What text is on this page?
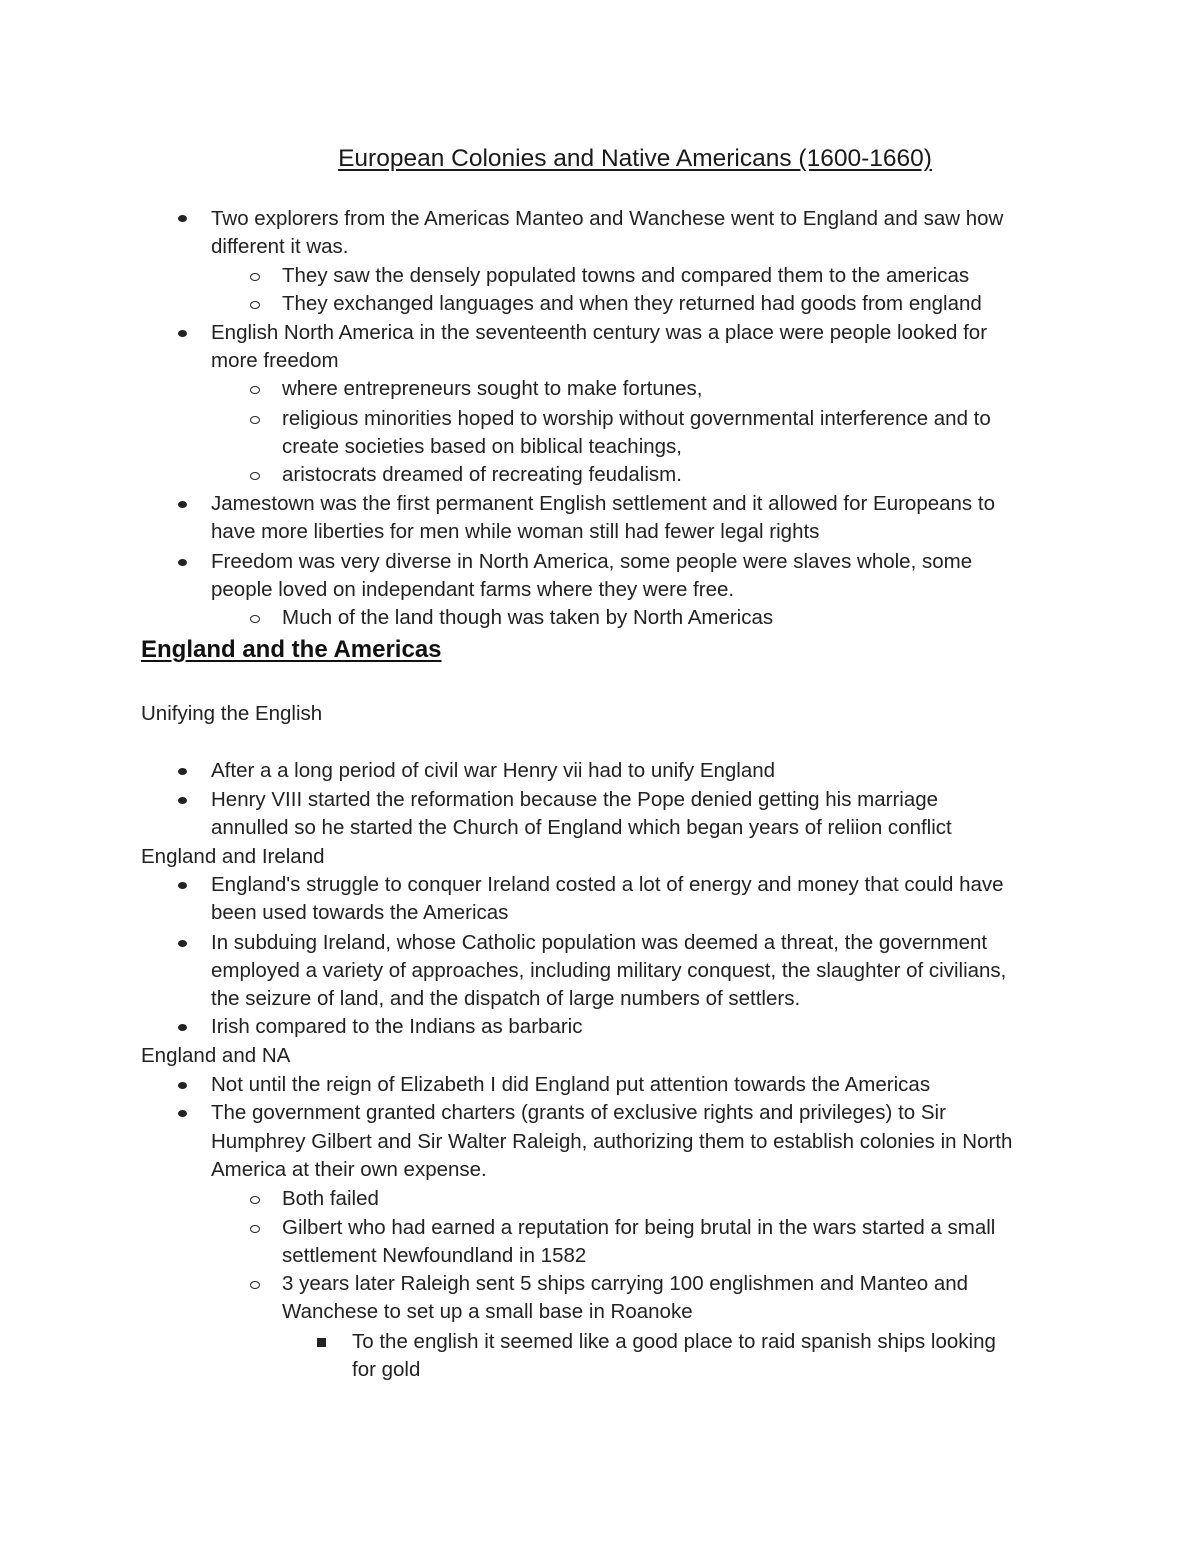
European Colonies and Native Americans (1600-1660)
Two explorers from the Americas Manteo and Wanchese went to England and saw how
different it was.
They saw the densely populated towns and compared them to the americas
They exchanged languages and when they returned had goods from england
English North America in the seventeenth century was a place were people looked for
more freedom
where entrepreneurs sought to make fortunes,
religious minorities hoped to worship without governmental interference and to
create societies based on biblical teachings,
aristocrats dreamed of recreating feudalism.
Jamestown was the first permanent English settlement and it allowed for Europeans to
have more liberties for men while woman still had fewer legal rights
Freedom was very diverse in North America, some people were slaves whole, some
people loved on independant farms where they were free.
Much of the land though was taken by North Americas
England and the Americas
Unifying the English
After a a long period of civil war Henry vii had to unify England
Henry VIII started the reformation because the Pope denied getting his marriage
annulled so he started the Church of England which began years of reliion conflict
England and Ireland
England's struggle to conquer Ireland costed a lot of energy and money that could have
been used towards the Americas
In subduing Ireland, whose Catholic population was deemed a threat, the government
employed a variety of approaches, including military conquest, the slaughter of civilians,
the seizure of land, and the dispatch of large numbers of settlers.
Irish compared to the Indians as barbaric
England and NA
Not until the reign of Elizabeth I did England put attention towards the Americas
The government granted charters (grants of exclusive rights and privileges) to Sir
Humphrey Gilbert and Sir Walter Raleigh, authorizing them to establish colonies in North
America at their own expense.
Both failed
Gilbert who had earned a reputation for being brutal in the wars started a small
settlement Newfoundland in 1582
3 years later Raleigh sent 5 ships carrying 100 englishmen and Manteo and
Wanchese to set up a small base in Roanoke
To the english it seemed like a good place to raid spanish ships looking
for gold
